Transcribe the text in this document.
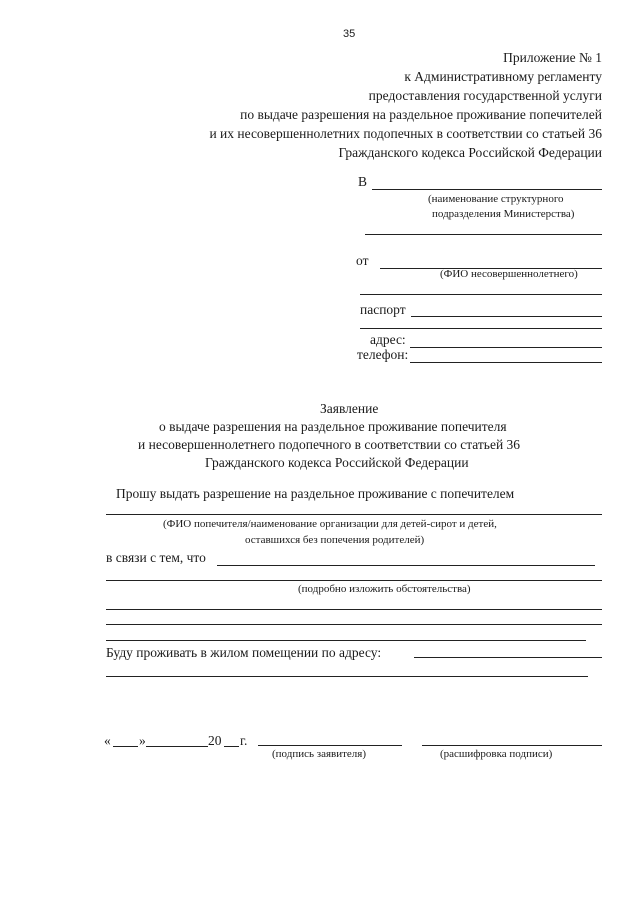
35
Приложение № 1
к Административному регламенту
предоставления государственной услуги
по выдаче разрешения на раздельное проживание попечителей
и их несовершеннолетних подопечных в соответствии со статьей 36
Гражданского кодекса Российской Федерации
В
(наименование структурного
подразделения Министерства)
от
(ФИО несовершеннолетнего)
паспорт
адрес:
телефон:
Заявление
о выдаче разрешения на раздельное проживание попечителя
и несовершеннолетнего подопечного в соответствии со статьей 36
Гражданского кодекса Российской Федерации
Прошу выдать разрешение на раздельное проживание с попечителем
(ФИО попечителя/наименование организации для детей-сирот и детей,
оставшихся без попечения родителей)
в связи с тем, что
(подробно изложить обстоятельства)
Буду проживать в жилом помещении по адресу:
« »	20 г.
(подпись заявителя)	(расшифровка подписи)
